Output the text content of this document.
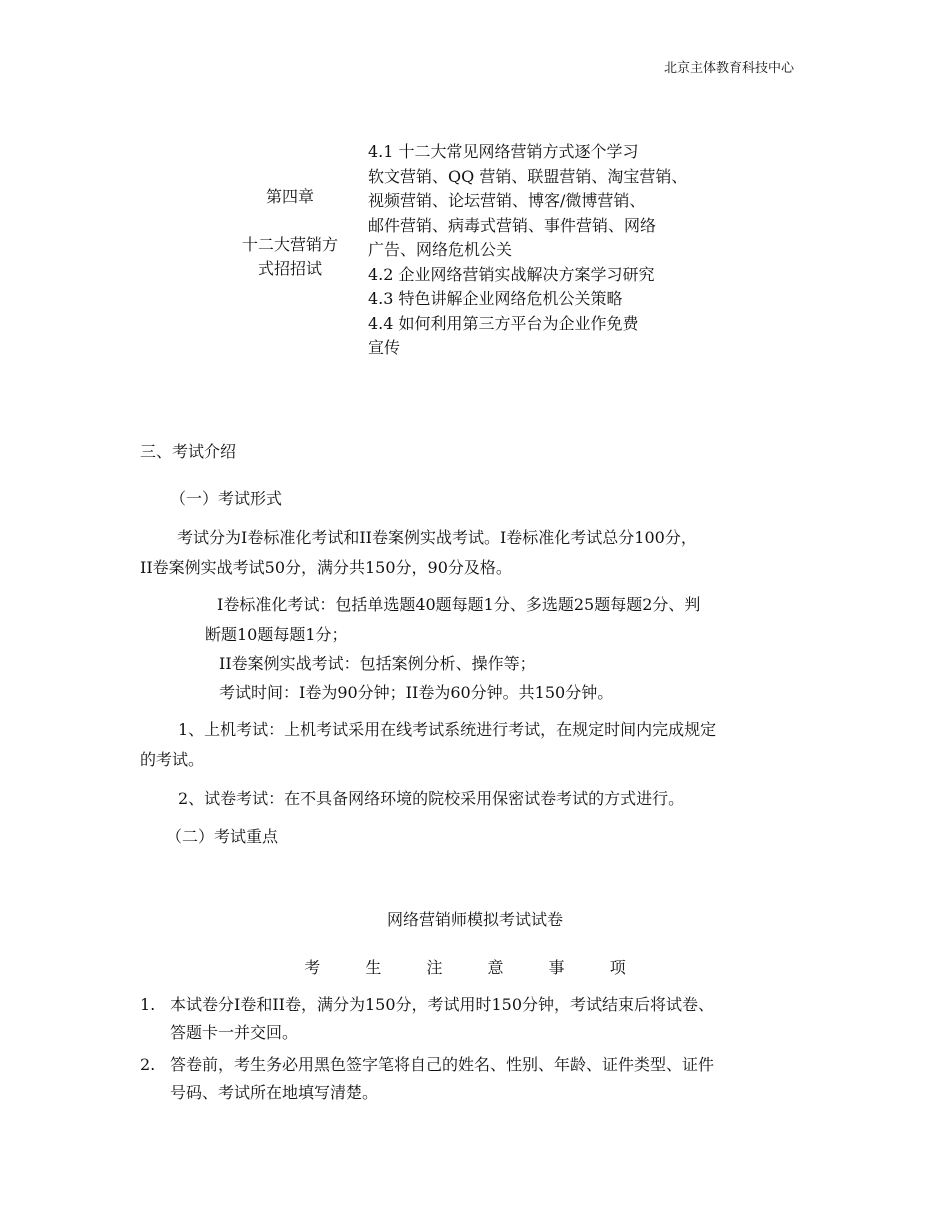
北京主体教育科技中心
第四章
十二大营销方
式招招试
4.1 十二大常见网络营销方式逐个学习
软文营销、QQ 营销、联盟营销、淘宝营销、
视频营销、论坛营销、博客/微博营销、
邮件营销、病毒式营销、事件营销、网络
广告、网络危机公关
4.2 企业网络营销实战解决方案学习研究
4.3 特色讲解企业网络危机公关策略
4.4 如何利用第三方平台为企业作免费
宣传
三、考试介绍
（一）考试形式
考试分为I卷标准化考试和II卷案例实战考试。I卷标准化考试总分100分，
II卷案例实战考试50分，满分共150分，90分及格。
I卷标准化考试：包括单选题40题每题1分、多选题25题每题2分、判
断题10题每题1分；
II卷案例实战考试：包括案例分析、操作等；
考试时间：I卷为90分钟；II卷为60分钟。共150分钟。
1、上机考试：上机考试采用在线考试系统进行考试，在规定时间内完成规定
的考试。
2、试卷考试：在不具备网络环境的院校采用保密试卷考试的方式进行。
（二）考试重点
网络营销师模拟考试试卷
考 生 注 意 事 项
1. 本试卷分I卷和II卷，满分为150分，考试用时150分钟，考试结束后将试卷、
答题卡一并交回。
2. 答卷前，考生务必用黑色签字笔将自己的姓名、性别、年龄、证件类型、证件
号码、考试所在地填写清楚。
